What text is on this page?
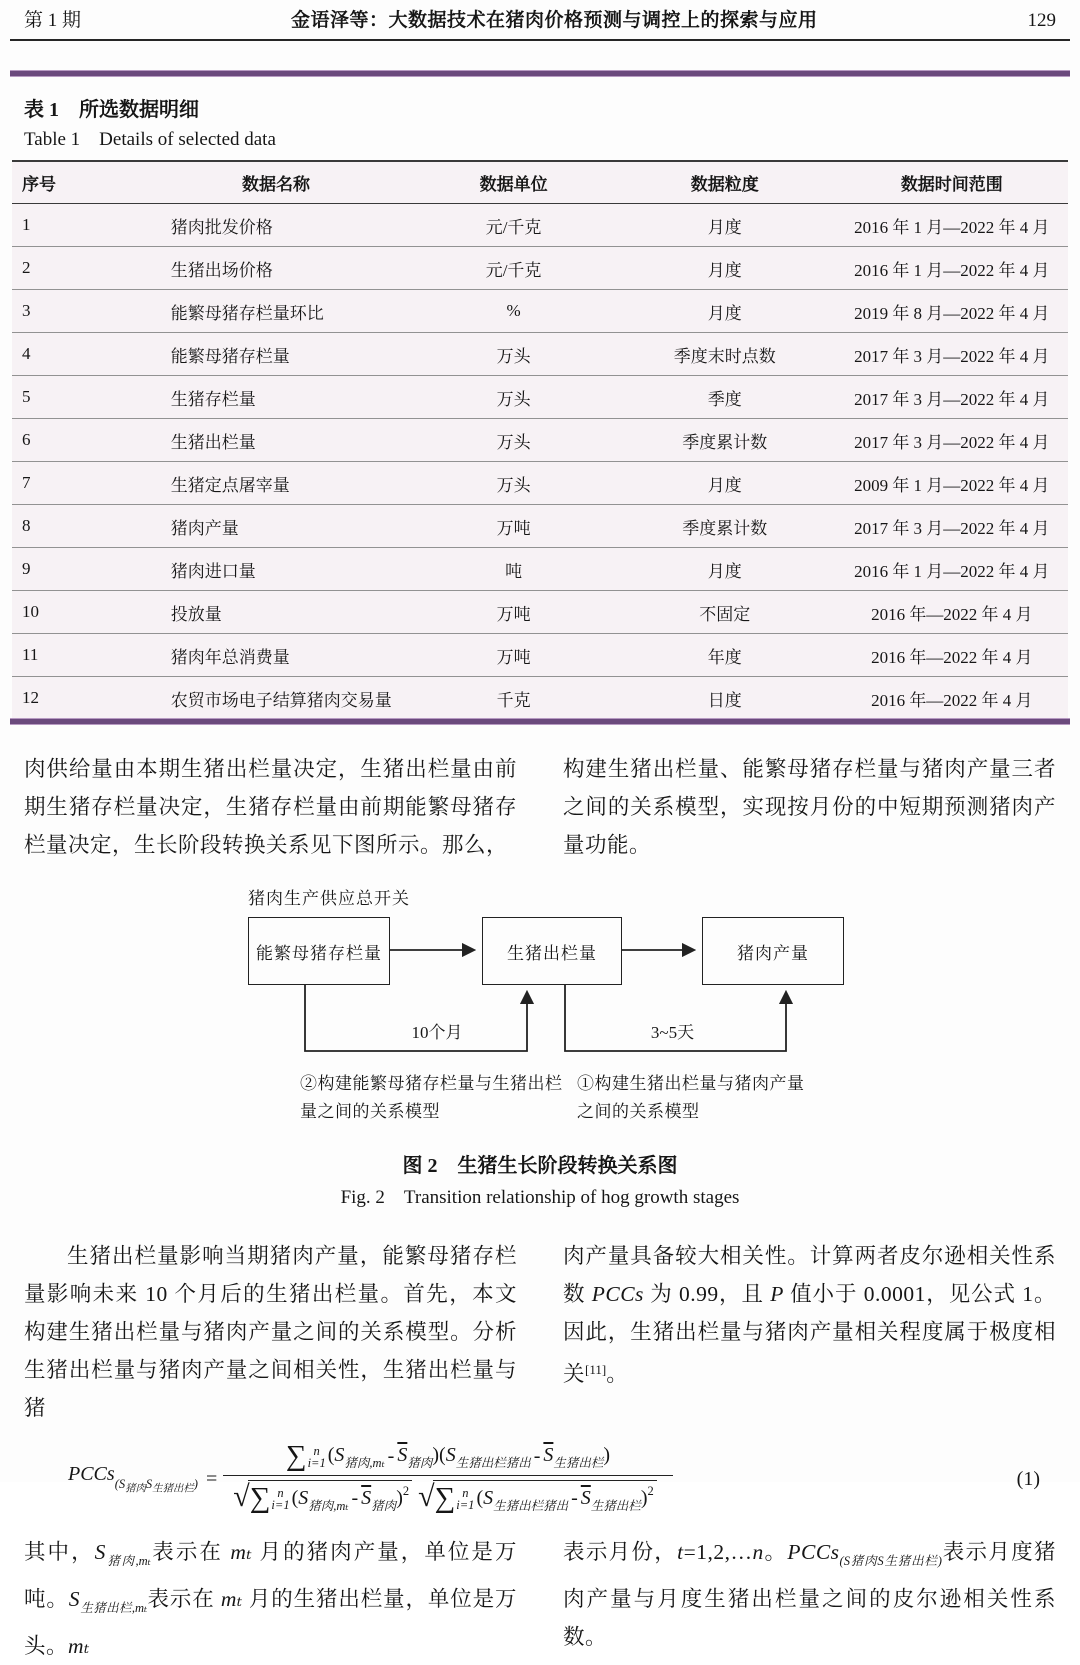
第 1 期	金语泽等：大数据技术在猪肉价格预测与调控上的探索与应用	129
表 1　所选数据明细
Table 1　Details of selected data
序号	数据名称	数据单位	数据粒度	数据时间范围
1	猪肉批发价格	元/千克	月度	2016 年 1 月—2022 年 4 月
2	生猪出场价格	元/千克	月度	2016 年 1 月—2022 年 4 月
3	能繁母猪存栏量环比	%	月度	2019 年 8 月—2022 年 4 月
4	能繁母猪存栏量	万头	季度末时点数	2017 年 3 月—2022 年 4 月
5	生猪存栏量	万头	季度	2017 年 3 月—2022 年 4 月
6	生猪出栏量	万头	季度累计数	2017 年 3 月—2022 年 4 月
7	生猪定点屠宰量	万头	月度	2009 年 1 月—2022 年 4 月
8	猪肉产量	万吨	季度累计数	2017 年 3 月—2022 年 4 月
9	猪肉进口量	吨	月度	2016 年 1 月—2022 年 4 月
10	投放量	万吨	不固定	2016 年—2022 年 4 月
11	猪肉年总消费量	万吨	年度	2016 年—2022 年 4 月
12	农贸市场电子结算猪肉交易量	千克	日度	2016 年—2022 年 4 月

肉供给量由本期生猪出栏量决定，生猪出栏量由前期生猪存栏量决定，生猪存栏量由前期能繁母猪存栏量决定，生长阶段转换关系见下图所示。那么，

构建生猪出栏量、能繁母猪存栏量与猪肉产量三者之间的关系模型，实现按月份的中短期预测猪肉产量功能。

猪肉生产供应总开关
能繁母猪存栏量	生猪出栏量	猪肉产量
10个月	3~5天
②构建能繁母猪存栏量与生猪出栏量之间的关系模型
①构建生猪出栏量与猪肉产量之间的关系模型
图 2　生猪生长阶段转换关系图
Fig. 2　Transition relationship of hog growth stages

生猪出栏量影响当期猪肉产量，能繁母猪存栏量影响未来 10 个月后的生猪出栏量。首先，本文构建生猪出栏量与猪肉产量之间的关系模型。分析生猪出栏量与猪肉产量之间相关性，生猪出栏量与猪

肉产量具备较大相关性。计算两者皮尔逊相关性系数 PCCs 为 0.99，且 P 值小于 0.0001，见公式 1。因此，生猪出栏量与猪肉产量相关程度属于极度相关[11]。

PCCs$_{(S_{猪肉}S_{生猪出栏})}$ = ∑ n
i=1 $(S_{猪肉,m_t} - \overline{S}_{猪肉})(S_{生猪出栏猪出} - \overline{S}_{生猪出栏})$
√ ∑ n
i=1 $(S_{猪肉,m_t} - \overline{S}_{猪肉})^2$ √ ∑ n
i=1 $(S_{生猪出栏猪出} - \overline{S}_{生猪出栏})^2$	(1)

其中，$S_{猪肉,m_t}$表示在 mₜ 月的猪肉产量，单位是万吨。$S_{生猪出栏,m_t}$表示在 mₜ 月的生猪出栏量，单位是万头。mₜ

表示月份，t=1,2,…n。PCCs$_{(S猪肉S生猪出栏)}$表示月度猪肉产量与月度生猪出栏量之间的皮尔逊相关性系数。
